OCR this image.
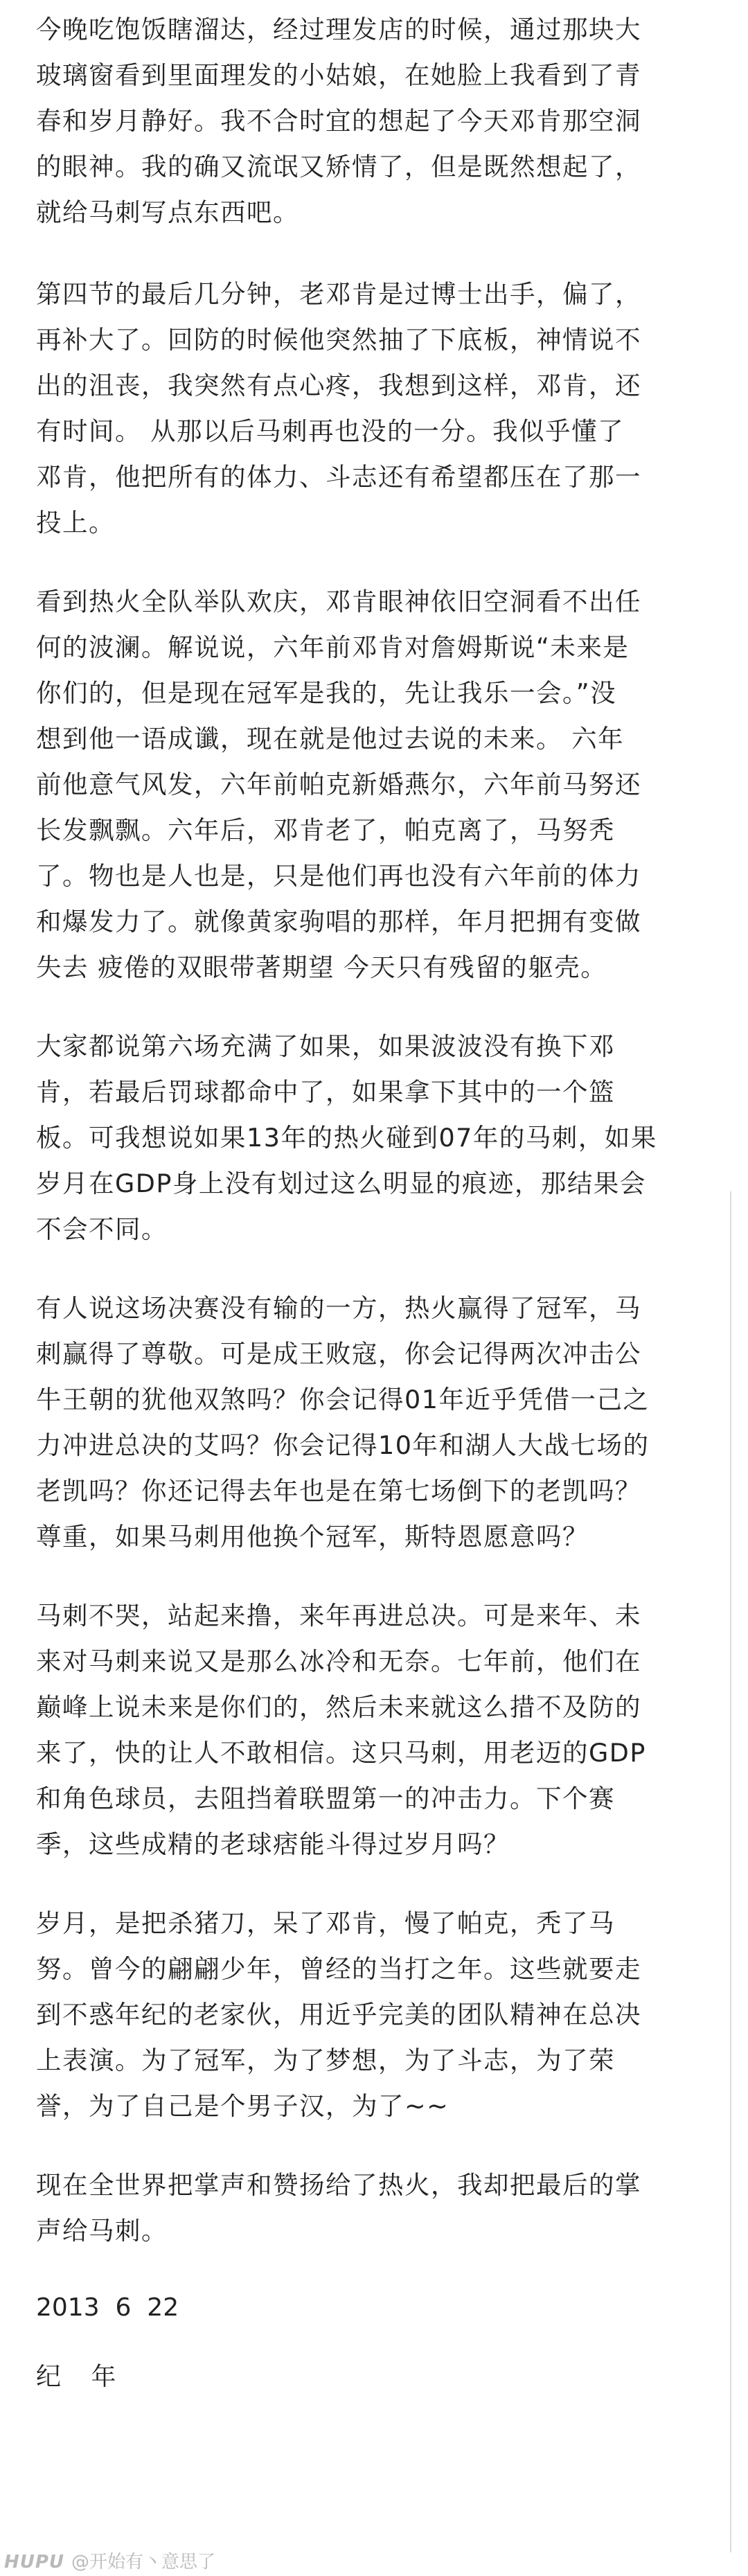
今晚吃饱饭瞎溜达，经过理发店的时候，通过那块大
玻璃窗看到里面理发的小姑娘，在她脸上我看到了青
春和岁月静好。我不合时宜的想起了今天邓肯那空洞
的眼神。我的确又流氓又矫情了，但是既然想起了，
就给马刺写点东西吧。

第四节的最后几分钟，老邓肯是过博士出手，偏了，
再补大了。回防的时候他突然抽了下底板，神情说不
出的沮丧，我突然有点心疼，我想到这样，邓肯，还
有时间。 从那以后马刺再也没的一分。我似乎懂了
邓肯，他把所有的体力、斗志还有希望都压在了那一
投上。

看到热火全队举队欢庆，邓肯眼神依旧空洞看不出任
何的波澜。解说说，六年前邓肯对詹姆斯说“未来是
你们的，但是现在冠军是我的，先让我乐一会。”没
想到他一语成谶，现在就是他过去说的未来。 六年
前他意气风发，六年前帕克新婚燕尔，六年前马努还
长发飘飘。六年后，邓肯老了，帕克离了，马努秃
了。物也是人也是，只是他们再也没有六年前的体力
和爆发力了。就像黄家驹唱的那样，年月把拥有变做
失去 疲倦的双眼带著期望 今天只有残留的躯壳。

大家都说第六场充满了如果，如果波波没有换下邓
肯，若最后罚球都命中了，如果拿下其中的一个篮
板。可我想说如果13年的热火碰到07年的马刺，如果
岁月在GDP身上没有划过这么明显的痕迹，那结果会
不会不同。

有人说这场决赛没有输的一方，热火赢得了冠军，马
刺赢得了尊敬。可是成王败寇，你会记得两次冲击公
牛王朝的犹他双煞吗？你会记得01年近乎凭借一己之
力冲进总决的艾吗？你会记得10年和湖人大战七场的
老凯吗？你还记得去年也是在第七场倒下的老凯吗？
尊重，如果马刺用他换个冠军，斯特恩愿意吗？

马刺不哭，站起来撸，来年再进总决。可是来年、未
来对马刺来说又是那么冰冷和无奈。七年前，他们在
巅峰上说未来是你们的，然后未来就这么措不及防的
来了，快的让人不敢相信。这只马刺，用老迈的GDP
和角色球员，去阻挡着联盟第一的冲击力。下个赛
季，这些成精的老球痞能斗得过岁月吗？

岁月，是把杀猪刀，呆了邓肯，慢了帕克，秃了马
努。曾今的翩翩少年，曾经的当打之年。这些就要走
到不惑年纪的老家伙，用近乎完美的团队精神在总决
上表演。为了冠军，为了梦想，为了斗志，为了荣
誉，为了自己是个男子汉，为了~~

现在全世界把掌声和赞扬给了热火，我却把最后的掌
声给马刺。

2013  6  22
纪 年
HUPU @开始有丶意思了
